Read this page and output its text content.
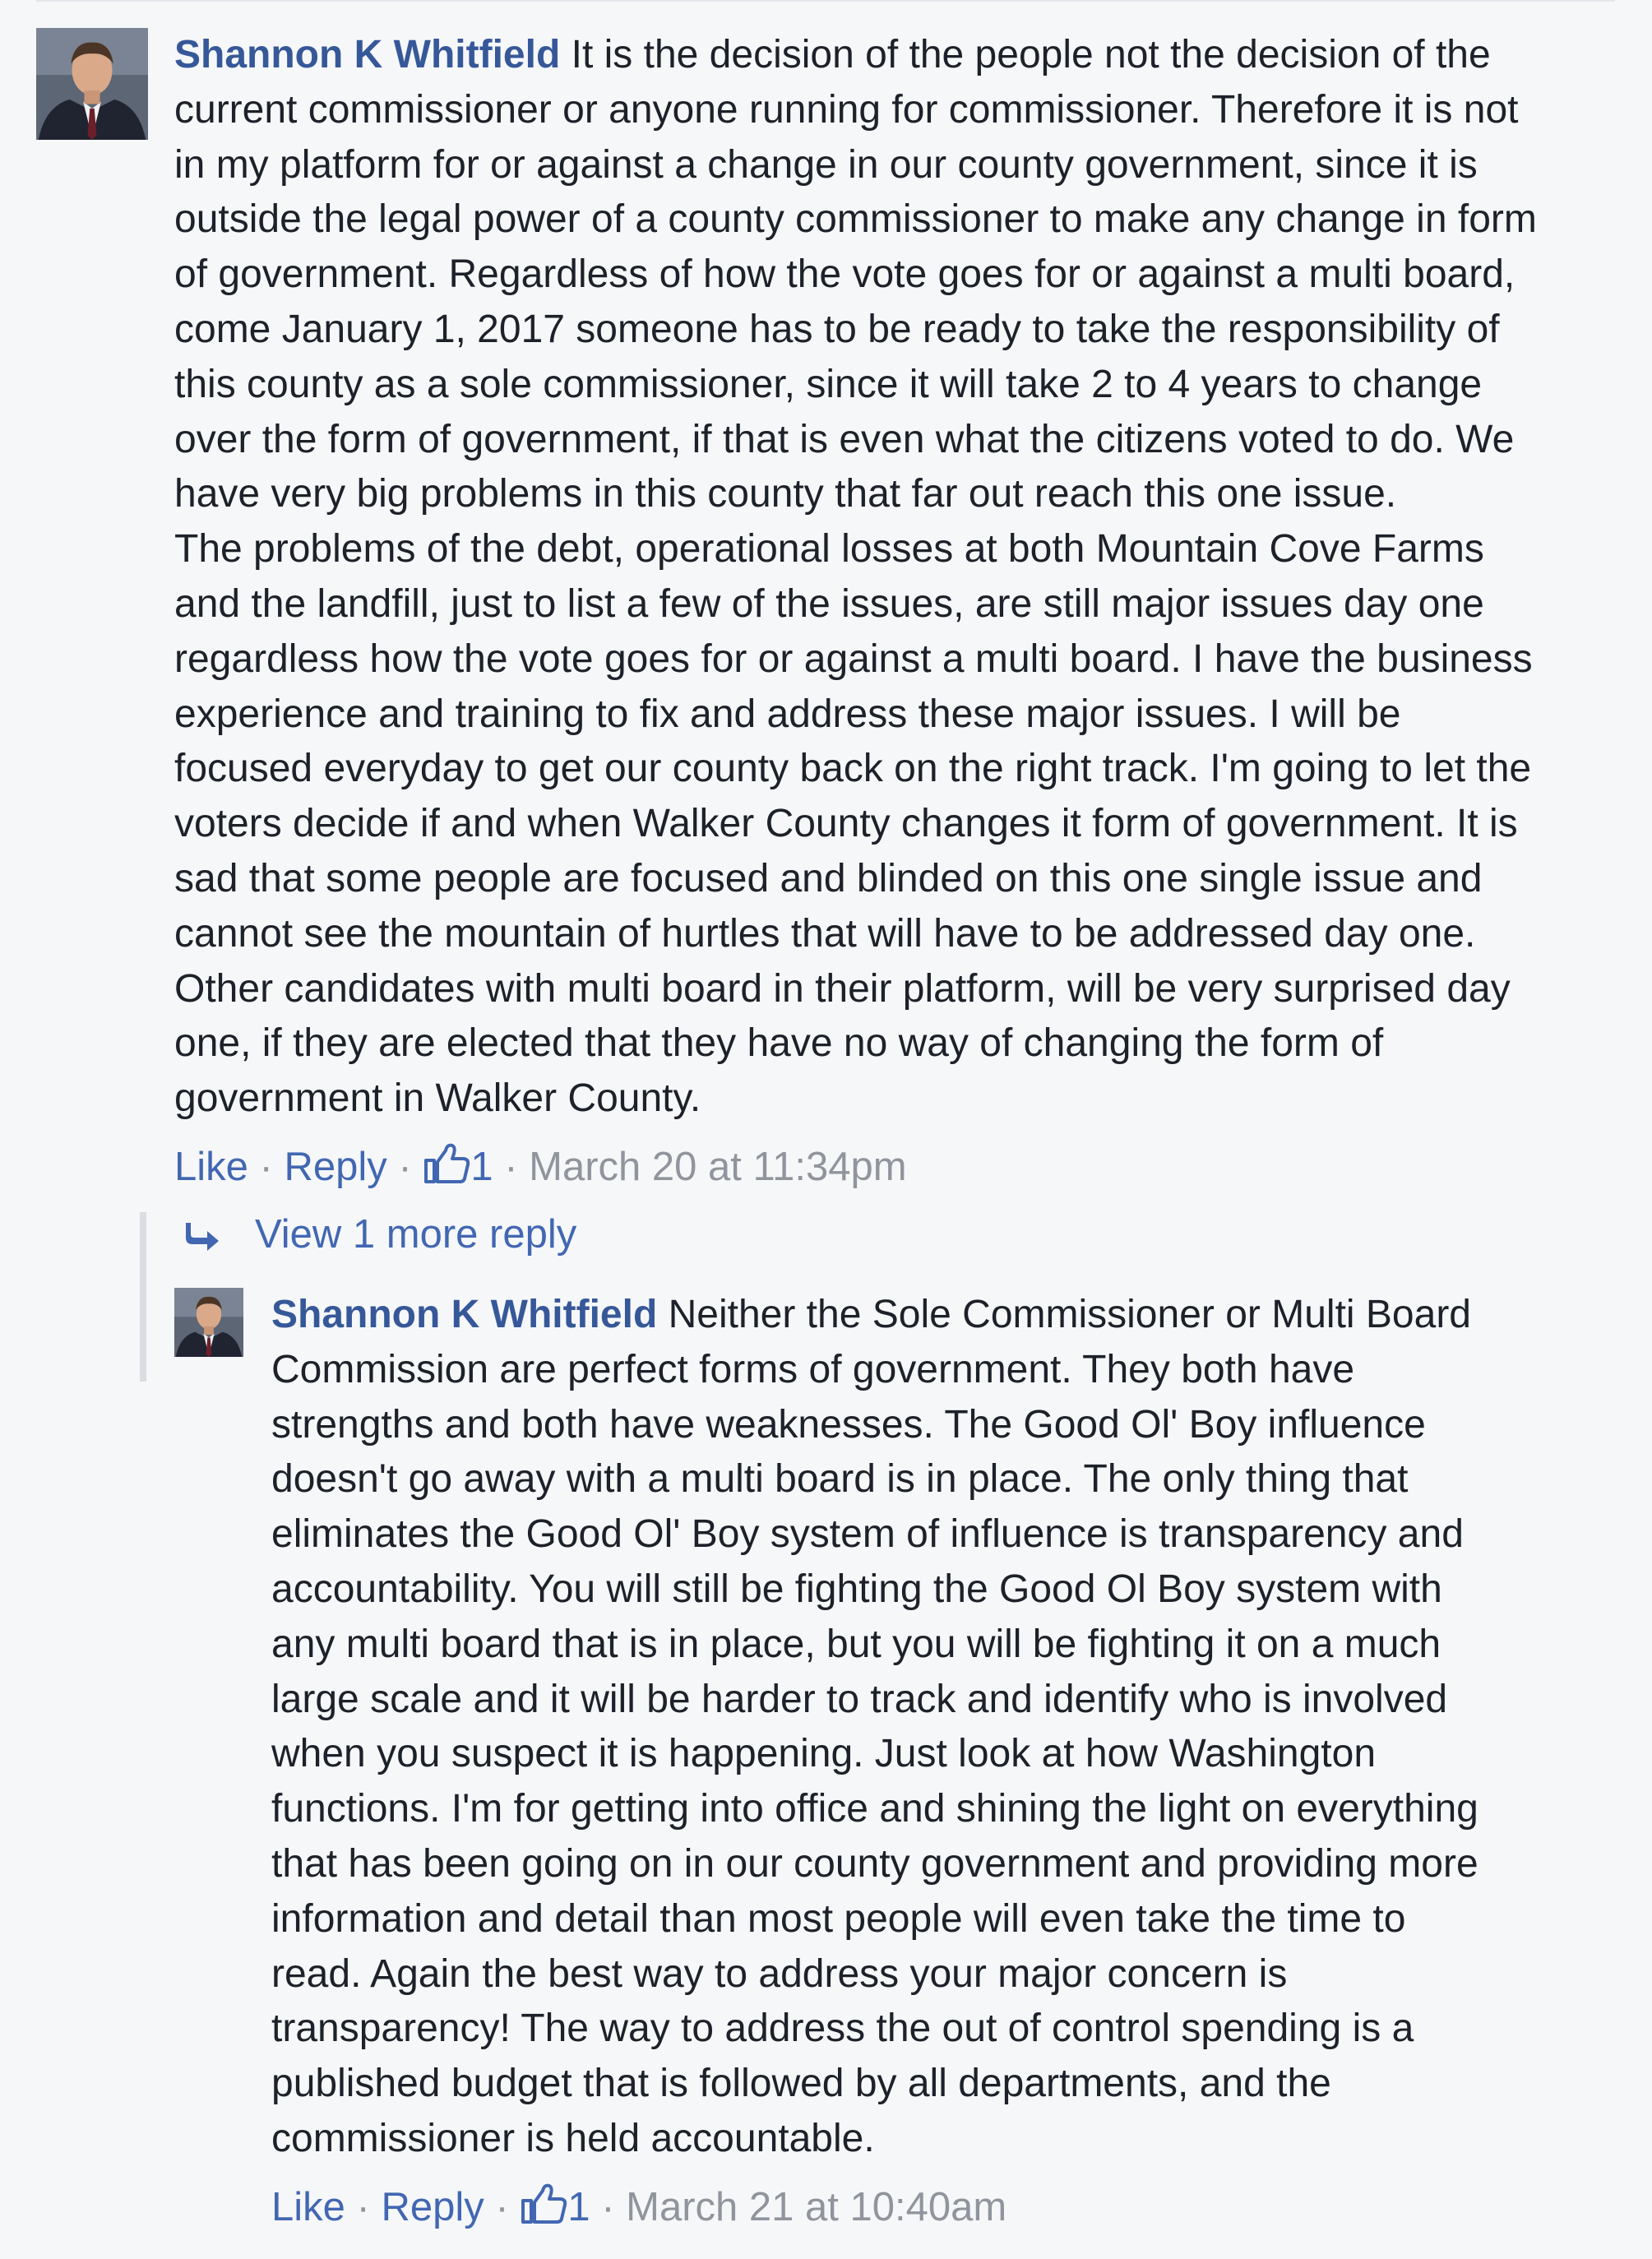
Shannon K Whitfield It is the decision of the people not the decision of the
current commissioner or anyone running for commissioner. Therefore it is not
in my platform for or against a change in our county government, since it is
outside the legal power of a county commissioner to make any change in form
of government. Regardless of how the vote goes for or against a multi board,
come January 1, 2017 someone has to be ready to take the responsibility of
this county as a sole commissioner, since it will take 2 to 4 years to change
over the form of government, if that is even what the citizens voted to do. We
have very big problems in this county that far out reach this one issue.
The problems of the debt, operational losses at both Mountain Cove Farms
and the landfill, just to list a few of the issues, are still major issues day one
regardless how the vote goes for or against a multi board. I have the business
experience and training to fix and address these major issues. I will be
focused everyday to get our county back on the right track. I'm going to let the
voters decide if and when Walker County changes it form of government. It is
sad that some people are focused and blinded on this one single issue and
cannot see the mountain of hurtles that will have to be addressed day one.
Other candidates with multi board in their platform, will be very surprised day
one, if they are elected that they have no way of changing the form of
government in Walker County.

Like · Reply · 1 · March 20 at 11:34pm
View 1 more reply

Shannon K Whitfield Neither the Sole Commissioner or Multi Board
Commission are perfect forms of government. They both have
strengths and both have weaknesses. The Good Ol' Boy influence
doesn't go away with a multi board is in place. The only thing that
eliminates the Good Ol' Boy system of influence is transparency and
accountability. You will still be fighting the Good Ol Boy system with
any multi board that is in place, but you will be fighting it on a much
large scale and it will be harder to track and identify who is involved
when you suspect it is happening. Just look at how Washington
functions. I'm for getting into office and shining the light on everything
that has been going on in our county government and providing more
information and detail than most people will even take the time to
read. Again the best way to address your major concern is
transparency! The way to address the out of control spending is a
published budget that is followed by all departments, and the
commissioner is held accountable.

Like · Reply · 1 · March 21 at 10:40am
